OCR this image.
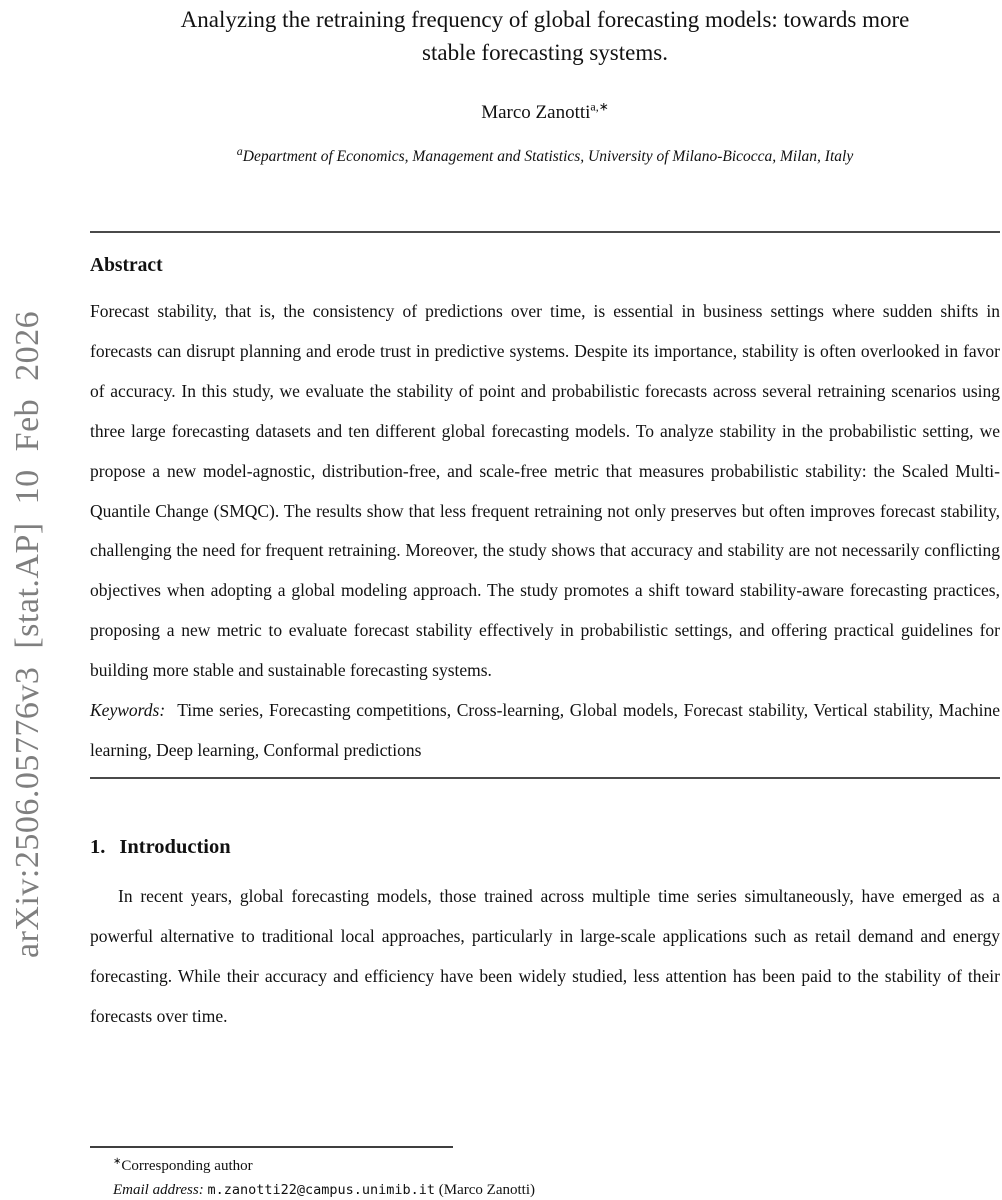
arXiv:2506.05776v3 [stat.AP] 10 Feb 2026
Analyzing the retraining frequency of global forecasting models: towards more
stable forecasting systems.
Marco Zanotti$^{a,∗}$
$^a$Department of Economics, Management and Statistics, University of Milano-Bicocca, Milan, Italy
Abstract

Forecast stability, that is, the consistency of predictions over time, is essential in business settings where sudden shifts in forecasts can disrupt planning and erode trust in predictive systems. Despite its importance, stability is often overlooked in favor of accuracy. In this study, we evaluate the stability of point and probabilistic forecasts across several retraining scenarios using three large forecasting datasets and ten different global forecasting models. To analyze stability in the probabilistic setting, we propose a new model-agnostic, distribution-free, and scale-free metric that measures probabilistic stability: the Scaled Multi-Quantile Change (SMQC). The results show that less frequent retraining not only preserves but often improves forecast stability, challenging the need for frequent retraining. Moreover, the study shows that accuracy and stability are not necessarily conflicting objectives when adopting a global modeling approach. The study promotes a shift toward stability-aware forecasting practices, proposing a new metric to evaluate forecast stability effectively in probabilistic settings, and offering practical guidelines for building more stable and sustainable forecasting systems.

Keywords: Time series, Forecasting competitions, Cross-learning, Global models, Forecast stability, Vertical stability, Machine learning, Deep learning, Conformal predictions

1. Introduction

In recent years, global forecasting models, those trained across multiple time series simultaneously, have emerged as a powerful alternative to traditional local approaches, particularly in large-scale applications such as retail demand and energy forecasting. While their accuracy and efficiency have been widely studied, less attention has been paid to the stability of their forecasts over time.

∗Corresponding author

Email address: m.zanotti22@campus.unimib.it (Marco Zanotti)
